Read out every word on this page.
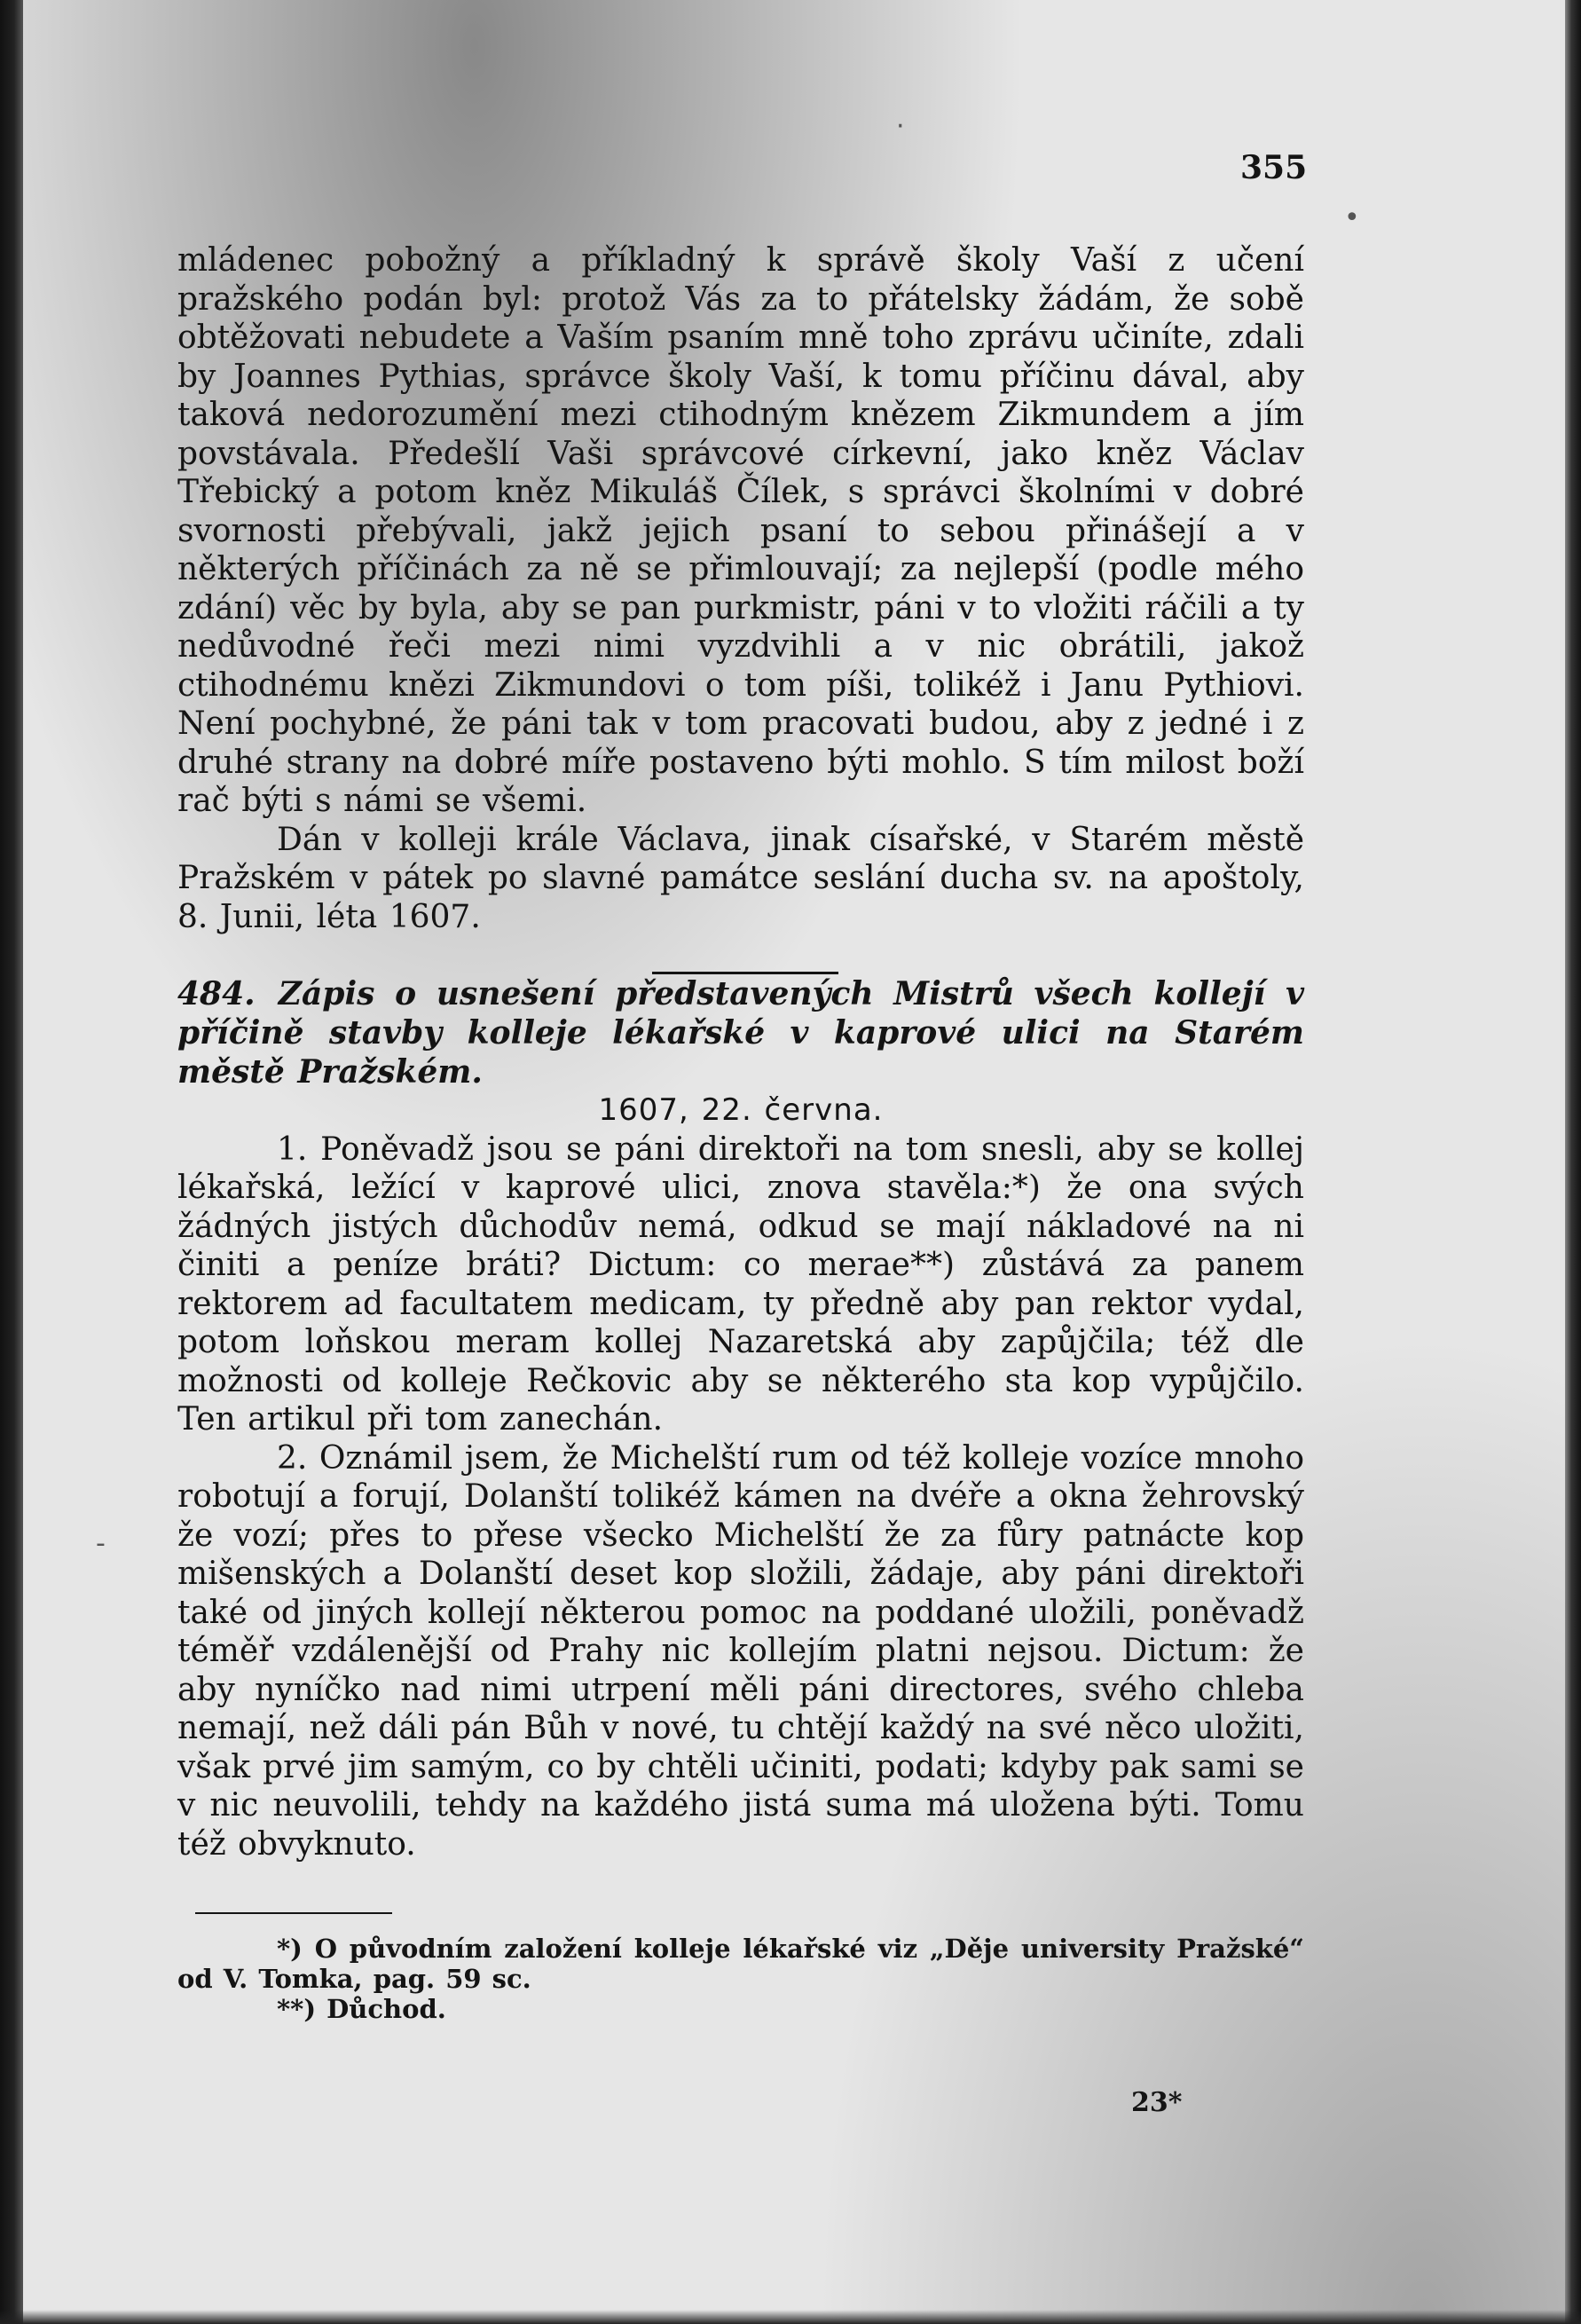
·
•
-
355

mládenec pobožný a příkladný k správě školy Vaší z učení pražského podán byl: protož Vás za to přátelsky žádám, že sobě obtěžovati nebudete a Vaším psaním mně toho zprávu učiníte, zdali by Joannes Pythias, správce školy Vaší, k tomu příčinu dával, aby taková nedorozumění mezi ctihodným knězem Zikmundem a jím povstávala. Předešlí Vaši správcové církevní, jako kněz Václav Třebický a potom kněz Mikuláš Čílek, s správci školními v dobré svornosti přebývali, jakž jejich psaní to sebou přinášejí a v některých příčinách za ně se přimlouvají; za nejlepší (podle mého zdání) věc by byla, aby se pan purkmistr, páni v to vložiti ráčili a ty nedůvodné řeči mezi nimi vyzdvihli a v nic obrátili, jakož ctihodnému knězi Zikmundovi o tom píši, tolikéž i Janu Pythiovi. Není pochybné, že páni tak v tom pracovati budou, aby z jedné i z druhé strany na dobré míře postaveno býti mohlo. S tím milost boží rač býti s námi se všemi.

Dán v kolleji krále Václava, jinak císařské, v Starém městě Pražském v pátek po slavné památce seslání ducha sv. na apoštoly, 8. Junii, léta 1607.

484. Zápis o usnešení představených Mistrů všech kollejí v příčině stavby kolleje lékařské v kaprové ulici na Starém městě Pražském.

1607, 22. června.

1. Poněvadž jsou se páni direktoři na tom snesli, aby se kollej lékařská, ležící v kaprové ulici, znova stavěla:*) že ona svých žádných jistých důchodův nemá, odkud se mají nákladové na ni činiti a peníze bráti? Dictum: co merae**) zůstává za panem rektorem ad facultatem medicam, ty předně aby pan rektor vydal, potom loňskou meram kollej Nazaretská aby zapůjčila; též dle možnosti od kolleje Rečkovic aby se některého sta kop vypůjčilo. Ten artikul při tom zanechán.

2. Oznámil jsem, že Michelští rum od též kolleje vozíce mnoho robotují a forují, Dolanští tolikéž kámen na dvéře a okna žehrovský že vozí; přes to přese všecko Michelští že za fůry patnácte kop mišenských a Dolanští deset kop složili, žádaje, aby páni direktoři také od jiných kollejí některou pomoc na poddané uložili, poněvadž téměř vzdálenější od Prahy nic kollejím platni nejsou. Dictum: že aby nyníčko nad nimi utrpení měli páni directores, svého chleba nemají, než dáli pán Bůh v nové, tu chtějí každý na své něco uložiti, však prvé jim samým, co by chtěli učiniti, podati; kdyby pak sami se v nic neuvolili, tehdy na každého jistá suma má uložena býti. Tomu též obvyknuto.

*) O původním založení kolleje lékařské viz „Děje university Pražské“ od V. Tomka, pag. 59 sc.

**) Důchod.

23*
